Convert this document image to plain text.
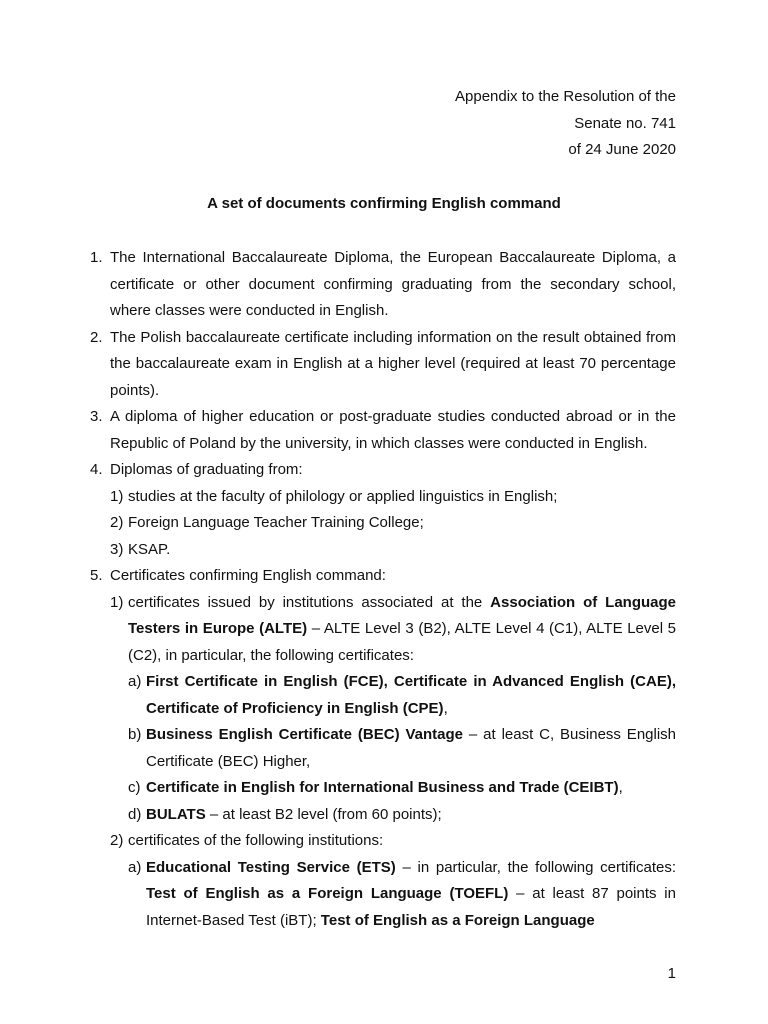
Appendix to the Resolution of the
Senate no. 741
of 24 June 2020
A set of documents confirming English command
1. The International Baccalaureate Diploma, the European Baccalaureate Diploma, a certificate or other document confirming graduating from the secondary school, where classes were conducted in English.
2. The Polish baccalaureate certificate including information on the result obtained from the baccalaureate exam in English at a higher level (required at least 70 percentage points).
3. A diploma of higher education or post-graduate studies conducted abroad or in the Republic of Poland by the university, in which classes were conducted in English.
4. Diplomas of graduating from:
1) studies at the faculty of philology or applied linguistics in English;
2) Foreign Language Teacher Training College;
3) KSAP.
5. Certificates confirming English command:
1) certificates issued by institutions associated at the Association of Language Testers in Europe (ALTE) – ALTE Level 3 (B2), ALTE Level 4 (C1), ALTE Level 5 (C2), in particular, the following certificates:
a) First Certificate in English (FCE), Certificate in Advanced English (CAE), Certificate of Proficiency in English (CPE),
b) Business English Certificate (BEC) Vantage – at least C, Business English Certificate (BEC) Higher,
c) Certificate in English for International Business and Trade (CEIBT),
d) BULATS – at least B2 level (from 60 points);
2) certificates of the following institutions:
a) Educational Testing Service (ETS) – in particular, the following certificates: Test of English as a Foreign Language (TOEFL) – at least 87 points in Internet-Based Test (iBT); Test of English as a Foreign Language
1
